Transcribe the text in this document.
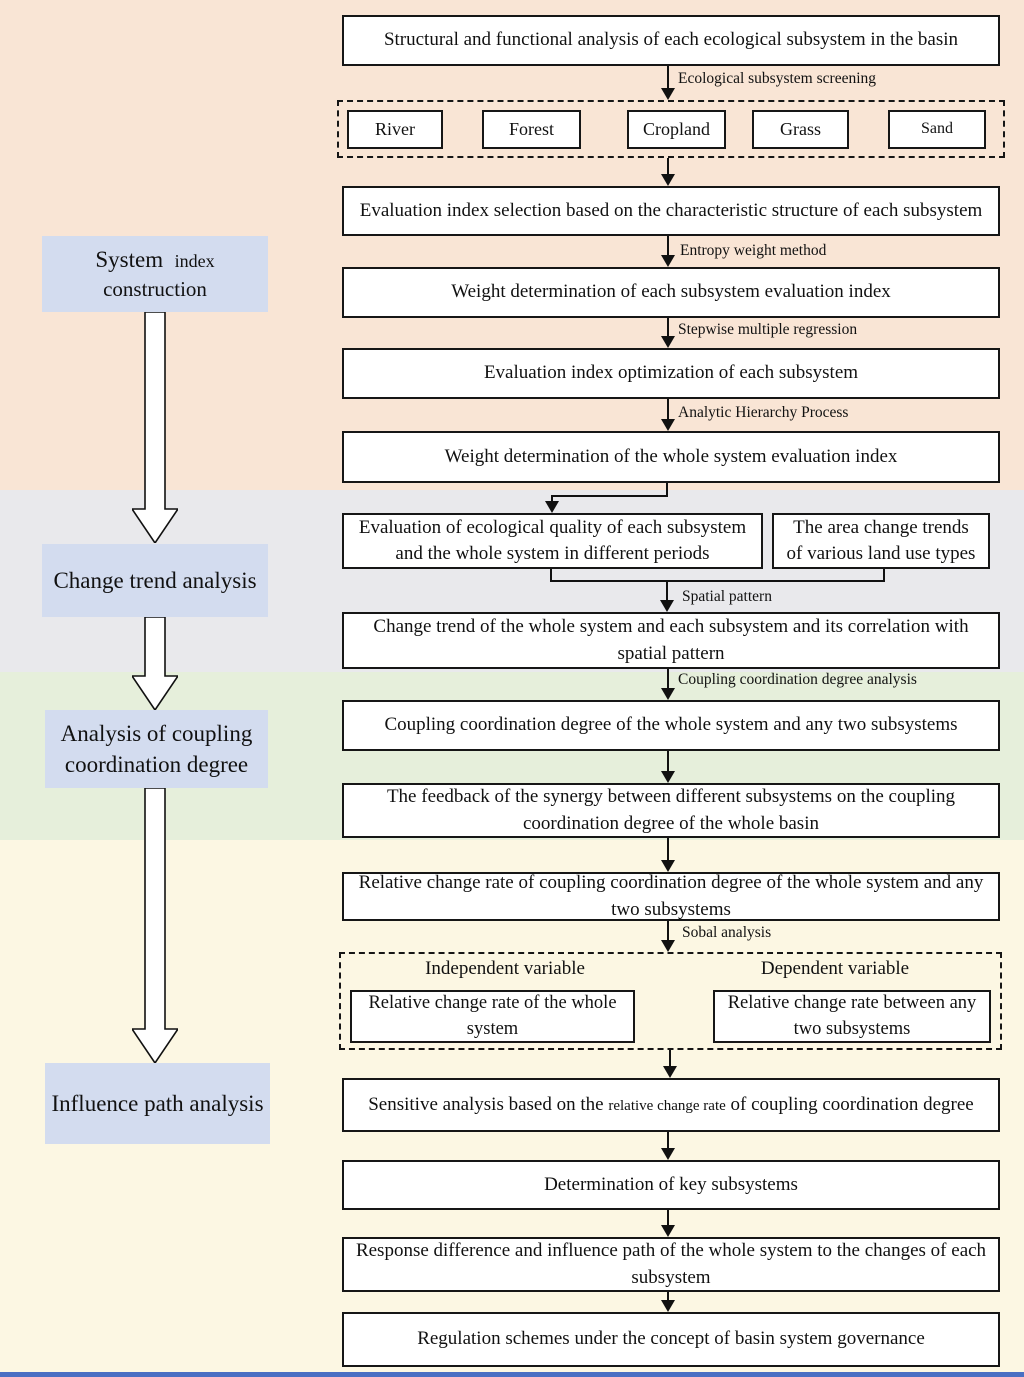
System index
construction
Change trend analysis
Analysis of coupling coordination degree
Influence path analysis
Structural and functional analysis of each ecological subsystem in the basin
Ecological subsystem screening
River	Forest	Cropland	Grass	Sand
Evaluation index selection based on the characteristic structure of each subsystem
Entropy weight method
Weight determination of each subsystem evaluation index
Stepwise multiple regression
Evaluation index optimization of each subsystem
Analytic Hierarchy Process
Weight determination of the whole system evaluation index
Evaluation of ecological quality of each subsystem and the whole system in different periods
The area change trends of various land use types
Spatial pattern
Change trend of the whole system and each subsystem and its correlation with spatial pattern
Coupling coordination degree analysis
Coupling coordination degree of the whole system and any two subsystems
The feedback of the synergy between different subsystems on the coupling coordination degree of the whole basin
Relative change rate of coupling coordination degree of the whole system and any two subsystems
Sobal analysis
Independent variable	Dependent variable
Relative change rate of the whole system
Relative change rate between any two subsystems
Sensitive analysis based on the relative change rate of coupling coordination degree
Determination of key subsystems
Response difference and influence path of the whole system to the changes of each subsystem
Regulation schemes under the concept of basin system governance
